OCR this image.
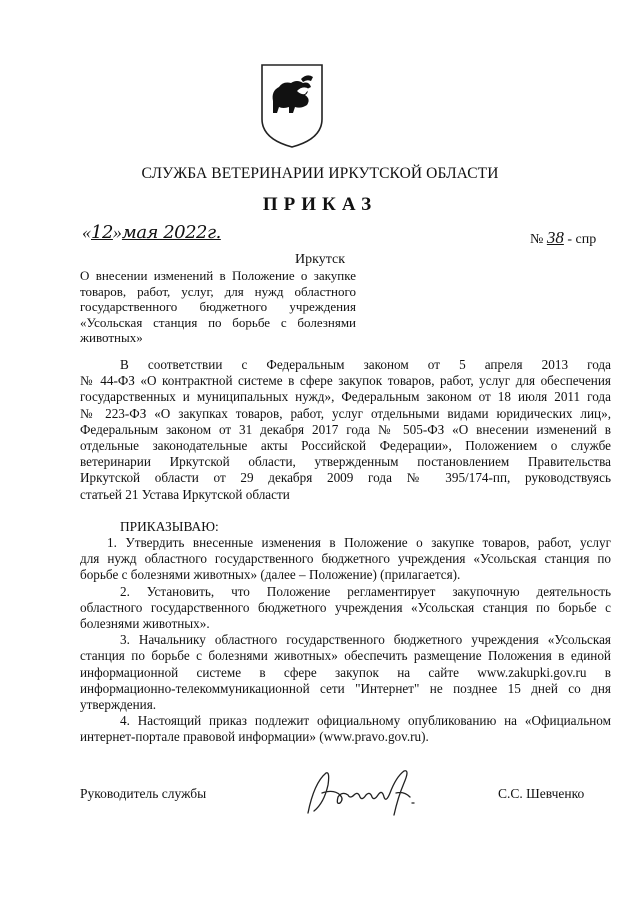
СЛУЖБА ВЕТЕРИНАРИИ ИРКУТСКОЙ ОБЛАСТИ
ПРИКАЗ
«12»мая 2022г.	№ 38 - спр
Иркутск
О внесении изменений в Положение о закупке
товаров, работ, услуг, для нужд областного
государственного бюджетного учреждения
«Усольская станция по борьбе с болезнями
животных»
В соответствии с Федеральным законом от 5 апреля 2013 года
№ 44-ФЗ «О контрактной системе в сфере закупок товаров, работ, услуг для обеспечения
государственных и муниципальных нужд», Федеральным законом от 18 июля 2011 года
№ 223-ФЗ «О закупках товаров, работ, услуг отдельными видами юридических лиц»,
Федеральным законом от 31 декабря 2017 года № 505-ФЗ «О внесении изменений в
отдельные законодательные акты Российской Федерации», Положением о службе
ветеринарии Иркутской области, утвержденным постановлением Правительства
Иркутской области от 29 декабря 2009 года № 395/174-пп, руководствуясь
статьей 21 Устава Иркутской области
ПРИКАЗЫВАЮ:
1. Утвердить внесенные изменения в Положение о закупке товаров, работ, услуг
для нужд областного государственного бюджетного учреждения «Усольская станция по
борьбе с болезнями животных» (далее – Положение) (прилагается).
2. Установить, что Положение регламентирует закупочную деятельность
областного государственного бюджетного учреждения «Усольская станция по борьбе с
болезнями животных».
3. Начальнику областного государственного бюджетного учреждения «Усольская
станция по борьбе с болезнями животных» обеспечить размещение Положения в единой
информационной системе в сфере закупок на сайте www.zakupki.gov.ru в
информационно-телекоммуникационной сети "Интернет" не позднее 15 дней со дня
утверждения.
4. Настоящий приказ подлежит официальному опубликованию на «Официальном
интернет-портале правовой информации» (www.pravo.gov.ru).
Руководитель службы	С.С. Шевченко
